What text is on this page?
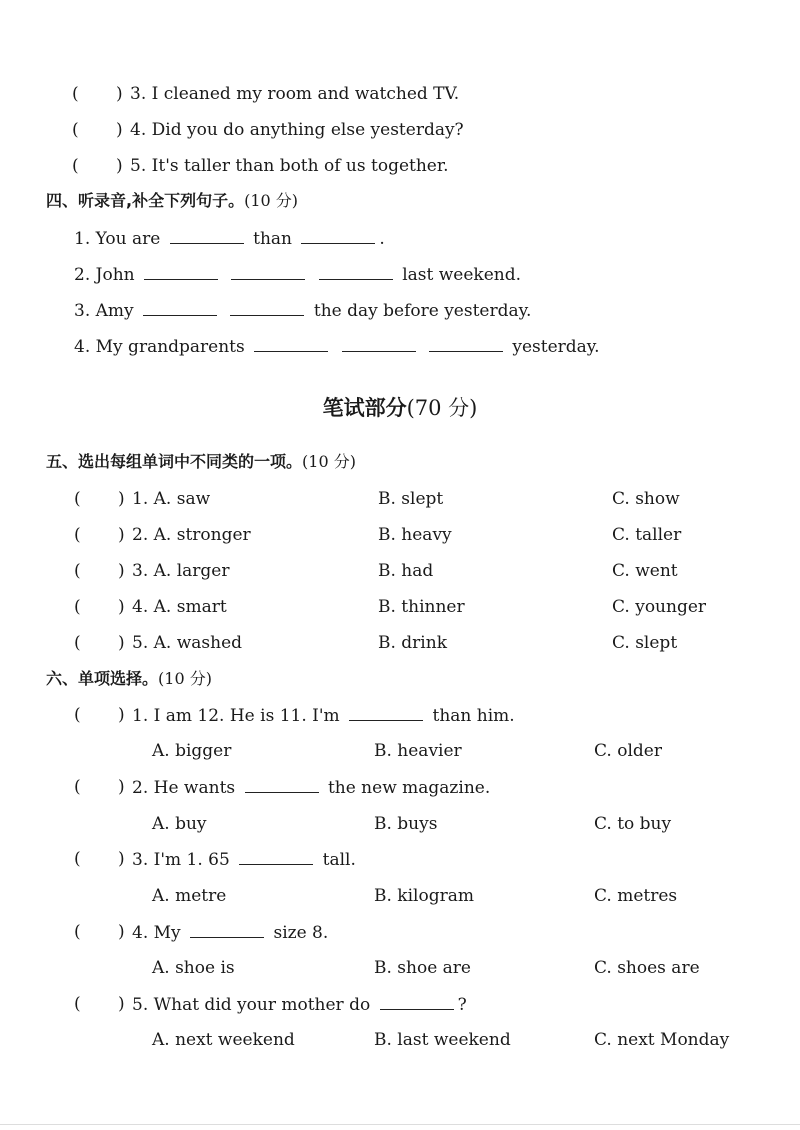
( ) 3. I cleaned my room and watched TV.
( ) 4. Did you do anything else yesterday?
( ) 5. It's taller than both of us together.
四、听录音,补全下列句子。(10 分)
1. You are	than	.
2. John	last weekend.
3. Amy	the day before yesterday.
4. My grandparents	yesterday.
笔试部分(70 分)
五、选出每组单词中不同类的一项。(10 分)
( ) 1. A. saw	B. slept	C. show
( ) 2. A. stronger	B. heavy	C. taller
( ) 3. A. larger	B. had	C. went
( ) 4. A. smart	B. thinner	C. younger
( ) 5. A. washed	B. drink	C. slept
六、单项选择。(10 分)
( ) 1. I am 12. He is 11. I'm	than him.
A. bigger	B. heavier	C. older
( ) 2. He wants	the new magazine.
A. buy	B. buys	C. to buy
( ) 3. I'm 1. 65	tall.
A. metre	B. kilogram	C. metres
( ) 4. My	size 8.
A. shoe is	B. shoe are	C. shoes are
( ) 5. What did your mother do	?
A. next weekend	B. last weekend	C. next Monday
